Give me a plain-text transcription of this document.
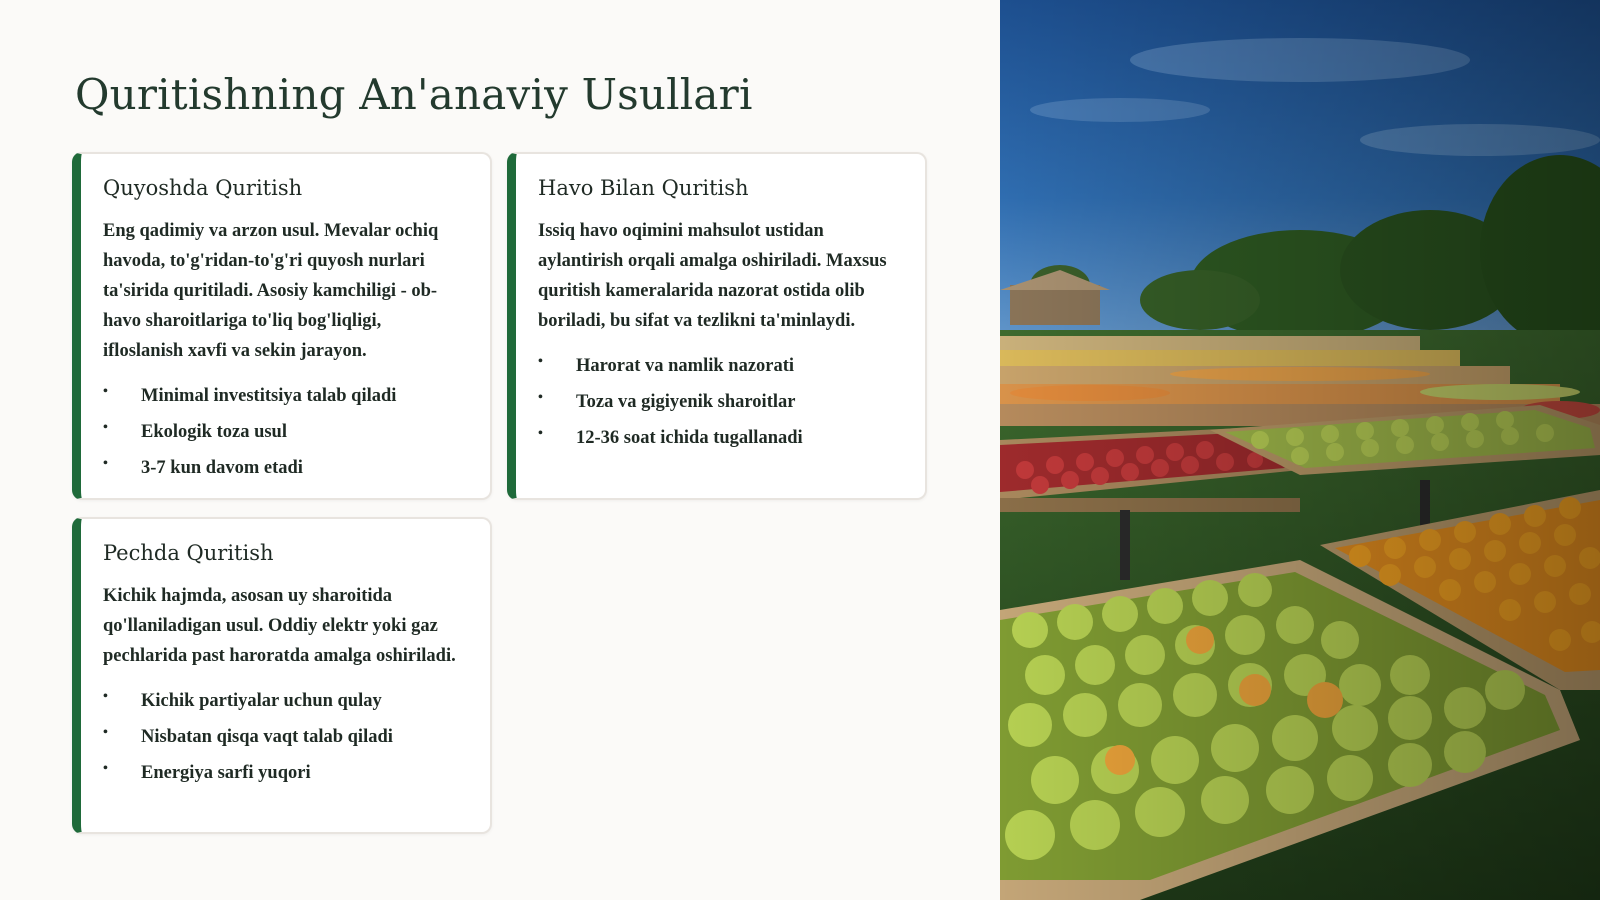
Quritishning An'anaviy Usullari
Quyoshda Quritish

Eng qadimiy va arzon usul. Mevalar ochiq havoda, to'g'ridan-to'g'ri quyosh nurlari ta'sirida quritiladi. Asosiy kamchiligi - ob-havo sharoitlariga to'liq bog'liqligi, ifloslanish xavfi va sekin jarayon.

• Minimal investitsiya talab qiladi
• Ekologik toza usul
• 3-7 kun davom etadi
Havo Bilan Quritish

Issiq havo oqimini mahsulot ustidan aylantirish orqali amalga oshiriladi. Maxsus quritish kameralarida nazorat ostida olib boriladi, bu sifat va tezlikni ta'minlaydi.

• Harorat va namlik nazorati
• Toza va gigiyenik sharoitlar
• 12-36 soat ichida tugallanadi
Pechda Quritish

Kichik hajmda, asosan uy sharoitida qo'llaniladigan usul. Oddiy elektr yoki gaz pechlarida past haroratda amalga oshiriladi.

• Kichik partiyalar uchun qulay
• Nisbatan qisqa vaqt talab qiladi
• Energiya sarfi yuqori
